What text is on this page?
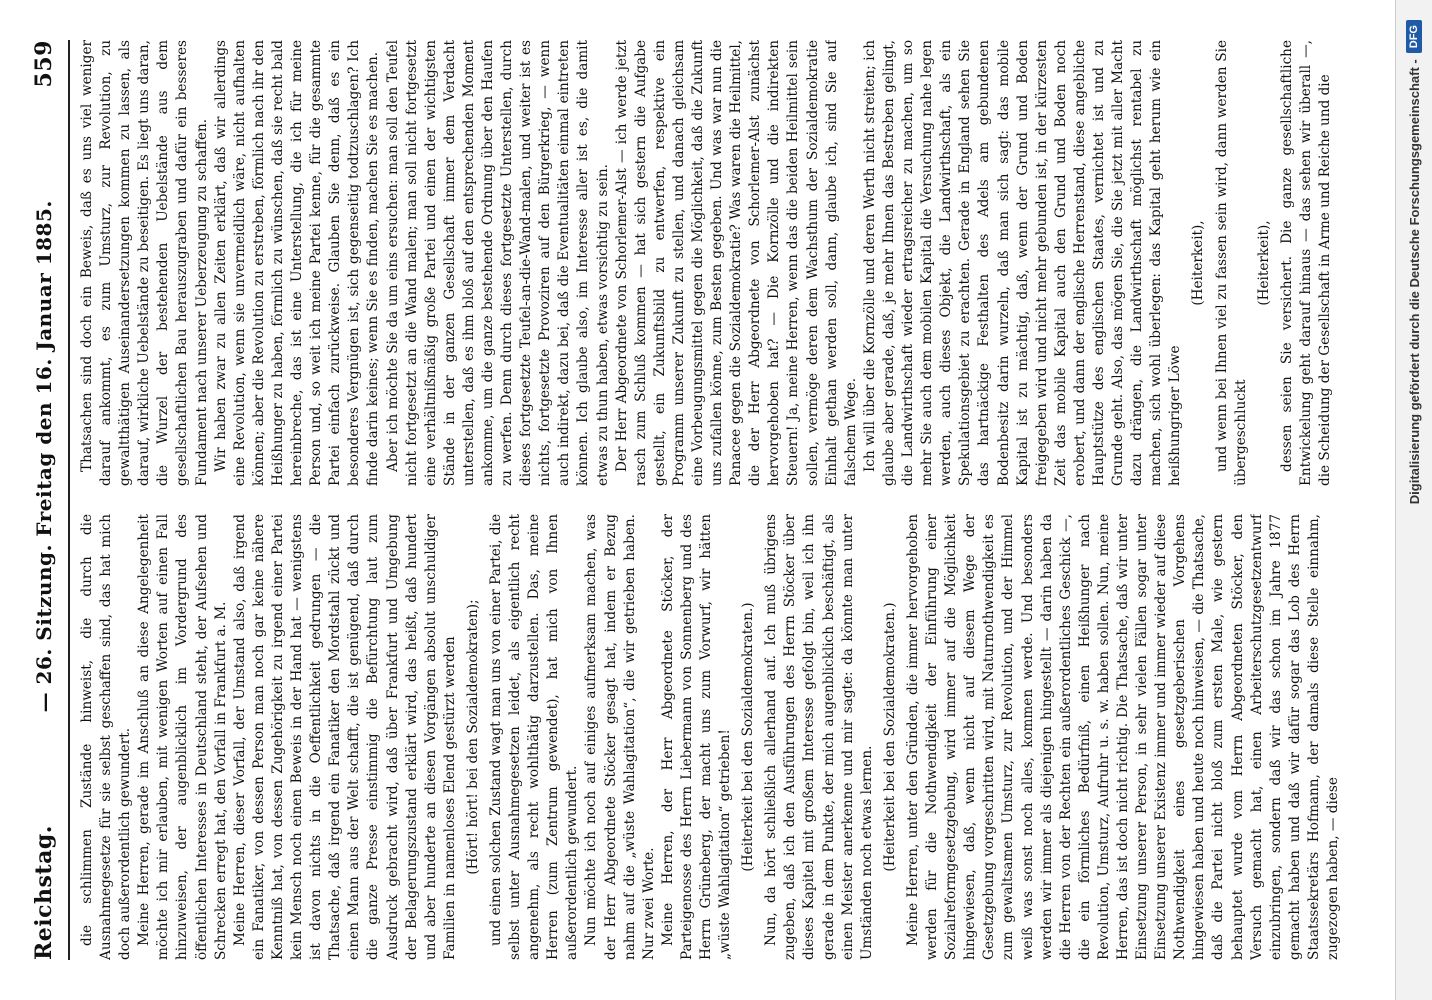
Reichstag.
— 26. Sitzung. Freitag den 16. Januar 1885.
559

die schlimmen Zustände hinweist, die durch die Ausnahmegesetze für sie selbst geschaffen sind, das hat mich doch außerordentlich gewundert. Meine Herren, gerade im Anschluß an diese Angelegenheit möchte ich mir erlauben, mit wenigen Worten auf einen Fall hinzuweisen, der augenblicklich im Vordergrund des öffentlichen Interesses in Deutschland steht, der Aufsehen und Schrecken erregt hat, den Vorfall in Frankfurt a. M. Meine Herren, dieser Vorfall, der Umstand also, daß irgend ein Fanatiker, von dessen Person man noch gar keine nähere Kenntniß hat, von dessen Zugehörigkeit zu irgend einer Partei kein Mensch noch einen Beweis in der Hand hat — wenigstens ist davon nichts in die Oeffentlichkeit gedrungen — die Thatsache, daß irgend ein Fanatiker den Mordstahl zückt und einen Mann aus der Welt schafft, die ist genügend, daß durch die ganze Presse einstimmig die Befürchtung laut zum Ausdruck gebracht wird, daß über Frankfurt und Umgebung der Belagerungszustand erklärt wird, das heißt, daß hundert und aber hunderte an diesen Vorgängen absolut unschuldiger Familien in namenloses Elend gestürzt werden (Hört! hört! bei den Sozialdemokraten); und einen solchen Zustand wagt man uns von einer Partei, die selbst unter Ausnahmegesetzen leidet, als eigentlich recht angenehm, als recht wohlthätig darzustellen. Das, meine Herren (zum Zentrum gewendet), hat mich von Ihnen außerordentlich gewundert. Nun möchte ich noch auf einiges aufmerksam machen, was der Herr Abgeordnete Stöcker gesagt hat, indem er Bezug nahm auf die „wüste Wahlagitation“, die wir getrieben haben. Nur zwei Worte. Meine Herren, der Herr Abgeordnete Stöcker, der Parteigenosse des Herrn Liebermann von Sonnenberg und des Herrn Grüneberg, der macht uns zum Vorwurf, wir hätten „wüste Wahlagitation“ getrieben! (Heiterkeit bei den Sozialdemokraten.) Nun, da hört schließlich allerhand auf. Ich muß übrigens zugeben, daß ich den Ausführungen des Herrn Stöcker über dieses Kapitel mit großem Interesse gefolgt bin, weil ich ihn gerade in dem Punkte, der mich augenblicklich beschäftigt, als einen Meister anerkenne und mir sagte: da könnte man unter Umständen noch etwas lernen. (Heiterkeit bei den Sozialdemokraten.) Meine Herren, unter den Gründen, die immer hervorgehoben werden für die Nothwendigkeit der Einführung einer Sozialreformgesetzgebung, wird immer auf die Möglichkeit hingewiesen, daß, wenn nicht auf diesem Wege der Gesetzgebung vorgeschritten wird, mit Naturnothwendigkeit es zum gewaltsamen Umsturz, zur Revolution, und der Himmel weiß was sonst noch alles, kommen werde. Und besonders werden wir immer als diejenigen hingestellt — darin haben da die Herren von der Rechten ein außerordentliches Geschick —, die ein förmliches Bedürfniß, einen Heißhunger nach Revolution, Umsturz, Aufruhr u. s. w. haben sollen. Nun, meine Herren, das ist doch nicht richtig. Die Thatsache, daß wir unter Einsetzung unserer Person, in sehr vielen Fällen sogar unter Einsetzung unserer Existenz immer und immer wieder auf diese Nothwendigkeit eines gesetzgeberischen Vorgehens hingewiesen haben und heute noch hinweisen, — die Thatsache, daß die Partei nicht bloß zum ersten Male, wie gestern behauptet wurde vom Herrn Abgeordneten Stöcker, den Versuch gemacht hat, einen Arbeiterschutzgesetzentwurf einzubringen, sondern daß wir das schon im Jahre 1877 gemacht haben und daß wir dafür sogar das Lob des Herrn Staatssekretärs Hofmann, der damals diese Stelle einnahm, zugezogen haben, — diese

Thatsachen sind doch ein Beweis, daß es uns viel weniger darauf ankommt, es zum Umsturz, zur Revolution, zu gewaltthätigen Auseinandersetzungen kommen zu lassen, als darauf, wirkliche Uebelstände zu beseitigen. Es liegt uns daran, die Wurzel der bestehenden Uebelstände aus dem gesellschaftlichen Bau herauszugraben und dafür ein besseres Fundament nach unserer Ueberzeugung zu schaffen. Wir haben zwar zu allen Zeiten erklärt, daß wir allerdings eine Revolution, wenn sie unvermeidlich wäre, nicht aufhalten können; aber die Revolution zu erstreben, förmlich nach ihr den Heißhunger zu haben, förmlich zu wünschen, daß sie recht bald hereinbreche, das ist eine Unterstellung, die ich für meine Person und, so weit ich meine Partei kenne, für die gesammte Partei einfach zurückweise. Glauben Sie denn, daß es ein besonderes Vergnügen ist, sich gegenseitig todtzuschlagen? Ich finde darin keines; wenn Sie es finden, machen Sie es machen. Aber ich möchte Sie da um eins ersuchen: man soll den Teufel nicht fortgesetzt an die Wand malen; man soll nicht fortgesetzt eine verhältnißmäßig große Partei und einen der wichtigsten Stände in der ganzen Gesellschaft immer dem Verdacht unterstellen, daß es ihm bloß auf den entsprechenden Moment ankomme, um die ganze bestehende Ordnung über den Haufen zu werfen. Denn durch dieses fortgesetzte Unterstellen, durch dieses fortgesetzte Teufel-an-die-Wand-malen, und weiter ist es nichts, fortgesetzte Provoziren auf den Bürgerkrieg, — wenn auch indirekt, dazu bei, daß die Eventualitäten einmal eintreten können. Ich glaube also, im Interesse aller ist es, die damit etwas zu thun haben, etwas vorsichtig zu sein. Der Herr Abgeordnete von Schorlemer-Alst — ich werde jetzt rasch zum Schluß kommen — hat sich gestern die Aufgabe gestellt, ein Zukunftsbild zu entwerfen, respektive ein Programm unserer Zukunft zu stellen, und danach gleichsam eine Vorbeugungsmittel gegen die Möglichkeit, daß die Zukunft uns zufallen könne, zum Besten gegeben. Und was war nun die Panacee gegen die Sozialdemokratie? Was waren die Heilmittel, die der Herr Abgeordnete von Schorlemer-Alst zunächst hervorgehoben hat? — Die Kornzölle und die indirekten Steuern! Ja, meine Herren, wenn das die beiden Heilmittel sein sollen, vermöge deren dem Wachsthum der Sozialdemokratie Einhalt gethan werden soll, dann, glaube ich, sind Sie auf falschem Wege. Ich will über die Kornzölle und deren Werth nicht streiten; ich glaube aber gerade, daß, je mehr Ihnen das Bestreben gelingt, die Landwirthschaft wieder ertragsreicher zu machen, um so mehr Sie auch dem mobilen Kapital die Versuchung nahe legen werden, auch dieses Objekt, die Landwirthschaft, als ein Spekulationsgebiet zu erachten. Gerade in England sehen Sie das hartnäckige Festhalten des Adels am gebundenen Bodenbesitz darin wurzeln, daß man sich sagt: das mobile Kapital ist zu mächtig, daß, wenn der Grund und Boden freigegeben wird und nicht mehr gebunden ist, in der kürzesten Zeit das mobile Kapital auch den Grund und Boden noch erobert, und dann der englische Herrenstand, diese angebliche Hauptstütze des englischen Staates, vernichtet ist und zu Grunde geht. Also, das mögen Sie, die Sie jetzt mit aller Macht dazu drängen, die Landwirthschaft möglichst rentabel zu machen, sich wohl überlegen: das Kapital geht herum wie ein heißhungriger Löwe

(Heiterkeit), und wenn bei Ihnen viel zu fassen sein wird, dann werden Sie übergeschluckt

(Heiterkeit), dessen seien Sie versichert. Die ganze gesellschaftliche Entwickelung geht darauf hinaus — das sehen wir überall —, die Scheidung der Gesellschaft in Arme und Reiche und die	Digitalisierung gefördert durch die Deutsche Forschungsgemeinschaft -
DFG
